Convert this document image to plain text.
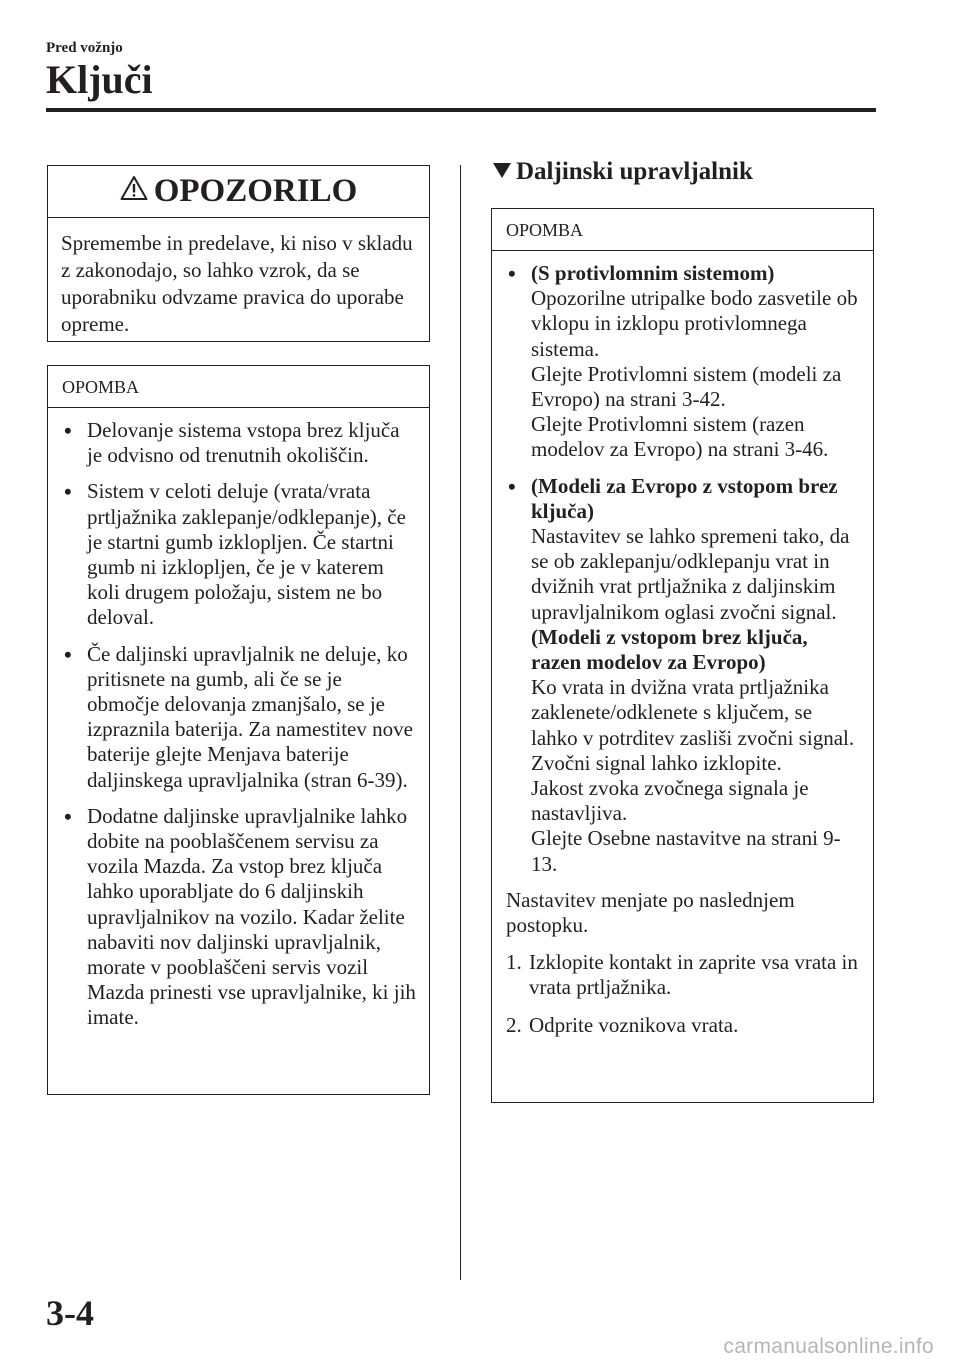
Pred vožnjo
Ključi
OPOZORILO
Spremembe in predelave, ki niso v skladu z zakonodajo, so lahko vzrok, da se uporabniku odvzame pravica do uporabe opreme.
OPOMBA
• Delovanje sistema vstopa brez ključa je odvisno od trenutnih okoliščin.
• Sistem v celoti deluje (vrata/vrata prtljažnika zaklepanje/odklepanje), če je startni gumb izklopljen. Če startni gumb ni izklopljen, če je v katerem koli drugem položaju, sistem ne bo deloval.
• Če daljinski upravljalnik ne deluje, ko pritisnete na gumb, ali če se je območje delovanja zmanjšalo, se je izpraznila baterija. Za namestitev nove baterije glejte Menjava baterije daljinskega upravljalnika (stran 6-39).
• Dodatne daljinske upravljalnike lahko dobite na pooblaščenem servisu za vozila Mazda. Za vstop brez ključa lahko uporabljate do 6 daljinskih upravljalnikov na vozilo. Kadar želite nabaviti nov daljinski upravljalnik, morate v pooblaščeni servis vozil Mazda prinesti vse upravljalnike, ki jih imate.
Daljinski upravljalnik
OPOMBA
• (S protivlomnim sistemom)
Opozorilne utripalke bodo zasvetile ob vklopu in izklopu protivlomnega sistema.
Glejte Protivlomni sistem (modeli za Evropo) na strani 3-42.
Glejte Protivlomni sistem (razen modelov za Evropo) na strani 3-46.
• (Modeli za Evropo z vstopom brez ključa)
Nastavitev se lahko spremeni tako, da se ob zaklepanju/odklepanju vrat in dvižnih vrat prtljažnika z daljinskim upravljalnikom oglasi zvočni signal.
(Modeli z vstopom brez ključa, razen modelov za Evropo)
Ko vrata in dvižna vrata prtljažnika zaklenete/odklenete s ključem, se lahko v potrditev zasliši zvočni signal. Zvočni signal lahko izklopite.
Jakost zvoka zvočnega signala je nastavljiva.
Glejte Osebne nastavitve na strani 9-13.
Nastavitev menjate po naslednjem postopku.
1. Izklopite kontakt in zaprite vsa vrata in vrata prtljažnika.
2. Odprite voznikova vrata.
3-4
carmanualsonline.info
